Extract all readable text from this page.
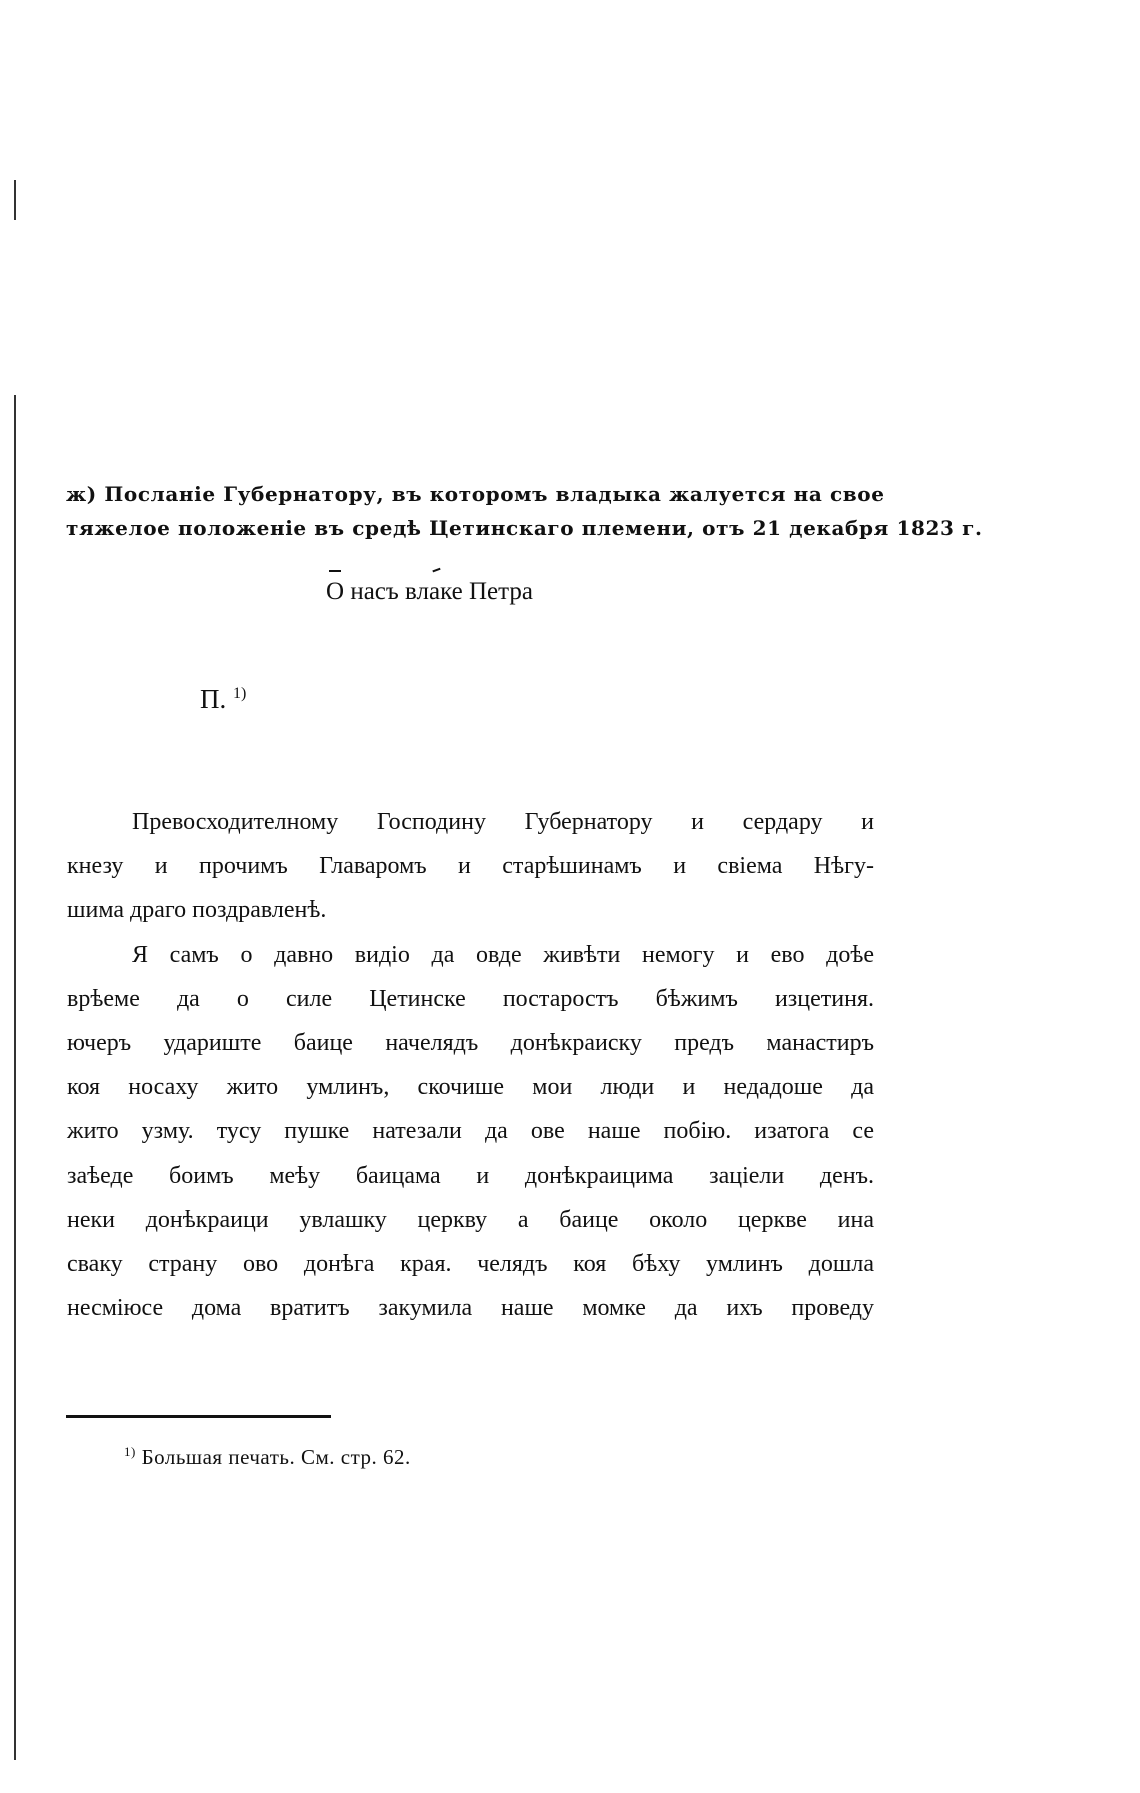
ж) Посланіе Губернатору, въ которомъ владыка жалуется на свое
тяжелое положеніе въ средѣ Цетинскаго племени, отъ 21 декабря 1823 г.
О насъ влаке Петра
П. $^{1)}$
Превосходителному Господину Губернатору и сердару и
кнезу и прочимъ Главаромъ и старѣшинамъ и свіема Нѣгу-
шима драго поздравленѣ.
Я самъ о давно видіо да овде живѣти немогу и ево доѣе
врѣеме да о силе Цетинске постаростъ бѣжимъ изцетиня.
ючеръ удариште баице начелядъ донѣкраиску предъ манастиръ
коя носаху жито умлинъ, скочише мои люди и недадоше да
жито узму. тусу пушке натезали да ове наше побію. изатога се
заѣеде боимъ меѣу баицама и донѣкраицима заціели денъ.
неки донѣкраици увлашку церкву а баице около церкве ина
сваку страну ово донѣга края. челядъ коя бѣху умлинъ дошла
несміюсе дома вратитъ закумила наше момке да ихъ проведу
$^{1)}$ Большая печать. См. стр. 62.
